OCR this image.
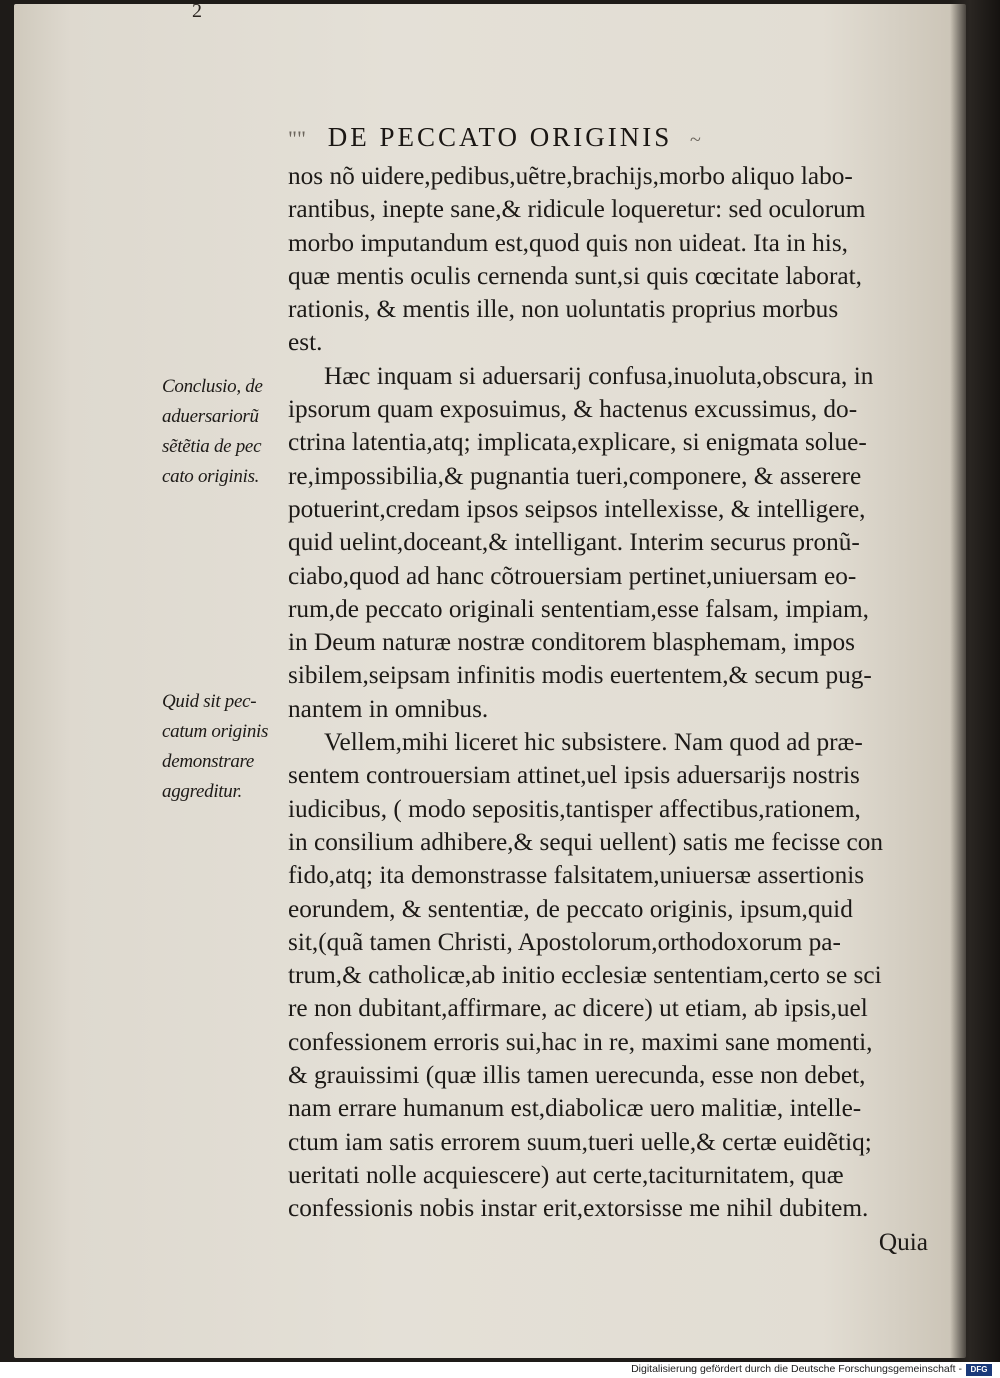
2
"" DE PECCATO ORIGINIS ~
nos nõ uidere,pedibus,uẽtre,brachijs,morbo aliquo labo-
rantibus, inepte sane,& ridicule loqueretur: sed oculorum
morbo imputandum est,quod quis non uideat. Ita in his,
quæ mentis oculis cernenda sunt,si quis cœcitate laborat,
rationis, & mentis ille, non uoluntatis proprius morbus
est.
Hæc inquam si aduersarij confusa,inuoluta,obscura, in
ipsorum quam exposuimus, & hactenus excussimus, do-
ctrina latentia,atq; implicata,explicare, si enigmata solue-
re,impossibilia,& pugnantia tueri,componere, & asserere
potuerint,credam ipsos seipsos intellexisse, & intelligere,
quid uelint,doceant,& intelligant. Interim securus pronũ-
ciabo,quod ad hanc cõtrouersiam pertinet,uniuersam eo-
rum,de peccato originali sententiam,esse falsam, impiam,
in Deum naturæ nostræ conditorem blasphemam, impos
sibilem,seipsam infinitis modis euertentem,& secum pug-
nantem in omnibus.
Vellem,mihi liceret hic subsistere. Nam quod ad præ-
sentem controuersiam attinet,uel ipsis aduersarijs nostris
iudicibus, ( modo sepositis,tantisper affectibus,rationem,
in consilium adhibere,& sequi uellent) satis me fecisse con
fido,atq; ita demonstrasse falsitatem,uniuersæ assertionis
eorundem, & sententiæ, de peccato originis, ipsum,quid
sit,(quã tamen Christi, Apostolorum,orthodoxorum pa-
trum,& catholicæ,ab initio ecclesiæ sententiam,certo se sci
re non dubitant,affirmare, ac dicere) ut etiam, ab ipsis,uel
confessionem erroris sui,hac in re, maximi sane momenti,
& grauissimi (quæ illis tamen uerecunda, esse non debet,
nam errare humanum est,diabolicæ uero malitiæ, intelle-
ctum iam satis errorem suum,tueri uelle,& certæ euidẽtiq;
ueritati nolle acquiescere) aut certe,taciturnitatem, quæ
confessionis nobis instar erit,extorsisse me nihil dubitem.
Quia
Conclusio, de
aduersariorũ
sẽtẽtia de pec
cato originis.
Quid sit pec-
catum originis
demonstrare
aggreditur.
Digitalisierung gefördert durch die Deutsche Forschungsgemeinschaft -	DFG
